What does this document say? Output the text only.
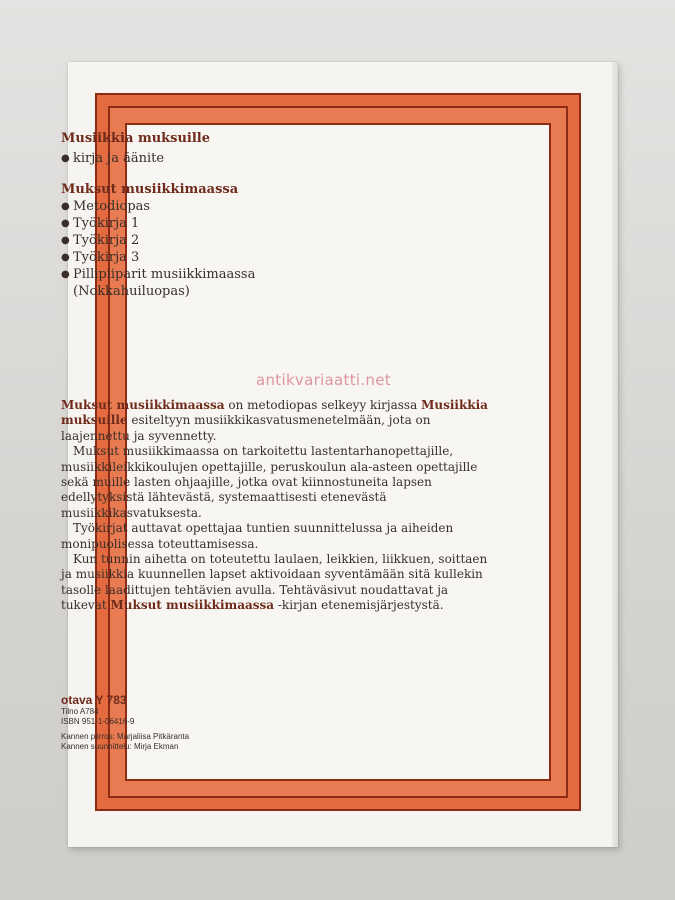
Musiikkia muksuille
● kirja ja äänite
Muksut musiikkimaassa
● Metodiopas
● Työkirja 1
● Työkirja 2
● Työkirja 3
● Pillipiiparit musiikkimaassa
(Nokkahuiluopas)
antikvariaatti.net

Muksut musiikkimaassa on metodiopas selkeyy kirjassa Musiikkia muksuille esiteltyyn musiikkikasvatusmenetelmään, jota on laajennettu ja syvennetty.

Muksut musiikkimaassa on tarkoitettu lastentarhanopettajille, musiikkileikkikoulujen opettajille, peruskoulun ala-asteen opettajille sekä muille lasten ohjaajille, jotka ovat kiinnostuneita lapsen edellytyksistä lähtevästä, systemaattisesti etenevästä musiikkikasvatuksesta.

Työkirjat auttavat opettajaa tuntien suunnittelussa ja aiheiden monipuolisessa toteuttamisessa.

Kun tunnin aihetta on toteutettu laulaen, leikkien, liikkuen, soittaen ja musiikkia kuunnellen lapset aktivoidaan syventämään sitä kullekin tasolle laadittujen tehtävien avulla. Tehtäväsivut noudattavat ja tukevat Muksut musiikkimaassa -kirjan etenemisjärjestystä.

otava Y 783
Tilno A784
ISBN 951-1-06416-9
Kannen piirros: Marjaliisa Pitkäranta
Kannen suunnittelu: Mirja Ekman
